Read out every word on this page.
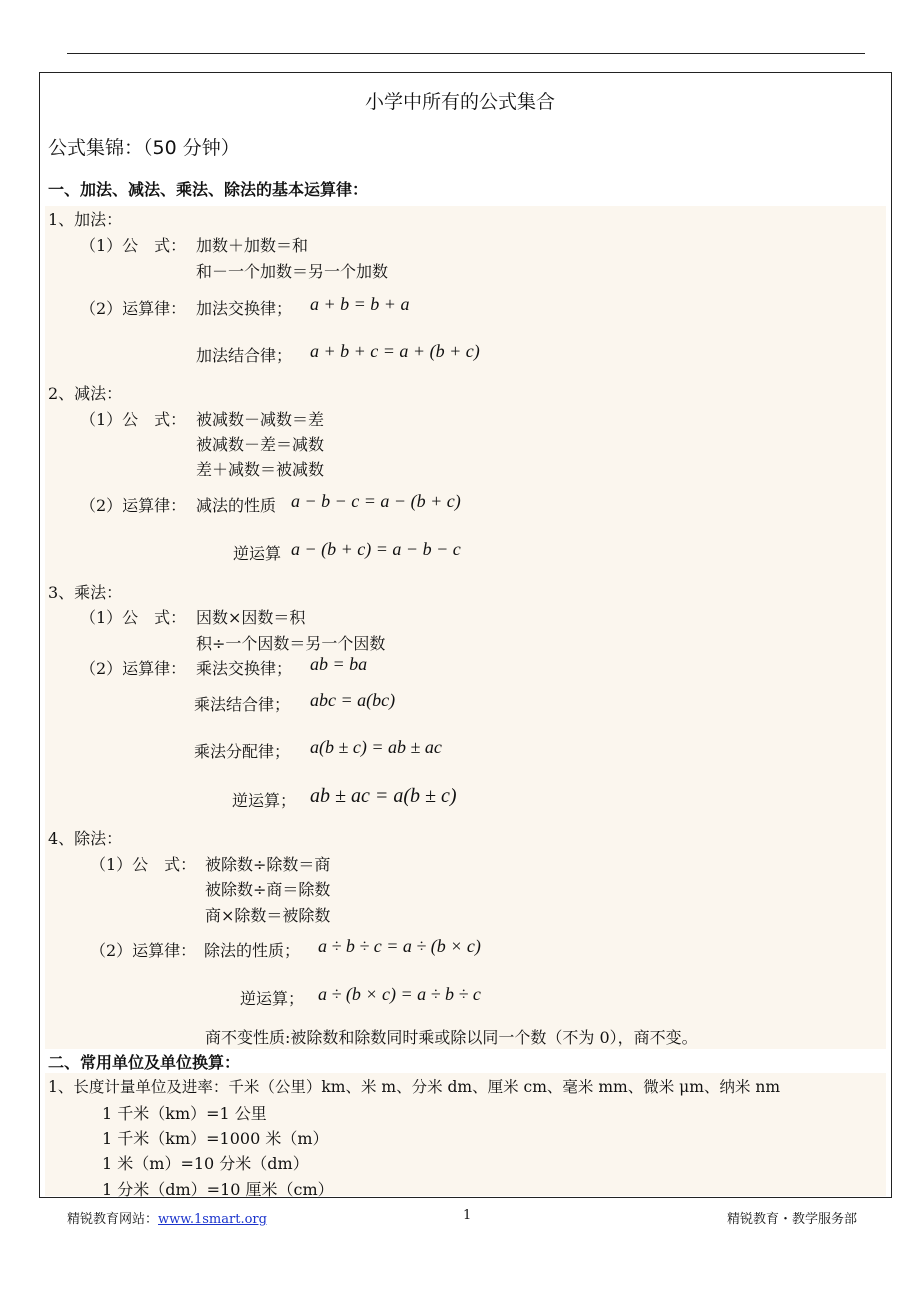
小学中所有的公式集合
公式集锦：（50 分钟）
一、加法、减法、乘法、除法的基本运算律：
1、加法：
（1）公　式： 加数＋加数＝和
和－一个加数＝另一个加数
（2）运算律： 加法交换律； a + b = b + a
加法结合律； a + b + c = a + (b + c)
2、减法：
（1）公　式： 被减数－减数＝差
被减数－差＝减数
差＋减数＝被减数
（2）运算律： 减法的性质 a − b − c = a − (b + c)
逆运算 a − (b + c) = a − b − c
3、乘法：
（1）公　式： 因数×因数＝积
积÷一个因数＝另一个因数
（2）运算律： 乘法交换律； ab = ba
乘法结合律； abc = a(bc)
乘法分配律； a(b ± c) = ab ± ac
逆运算； ab ± ac = a(b ± c)
4、除法：
（1）公　式： 被除数÷除数＝商
被除数÷商＝除数
商×除数＝被除数
（2）运算律： 除法的性质； a ÷ b ÷ c = a ÷ (b × c)
逆运算； a ÷ (b × c) = a ÷ b ÷ c
商不变性质:被除数和除数同时乘或除以同一个数（不为 0），商不变。
二、常用单位及单位换算：
1、长度计量单位及进率：千米（公里）km、米 m、分米 dm、厘米 cm、毫米 mm、微米 μm、纳米 nm
1 千米（km）=1 公里
1 千米（km）=1000 米（m）
1 米（m）=10 分米（dm）
1 分米（dm）=10 厘米（cm）
精锐教育网站：www.1smart.org	1	精锐教育・教学服务部
